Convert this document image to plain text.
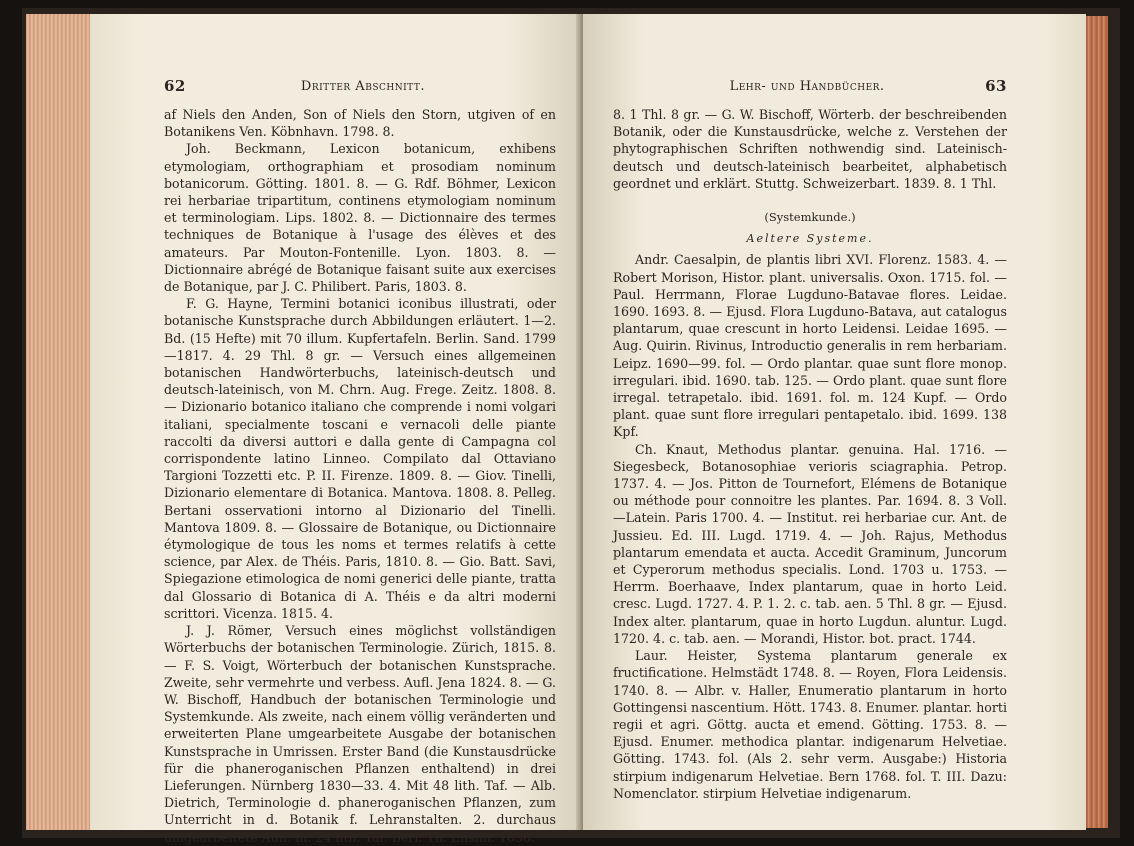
62	Dritter Abschnitt.

af Niels den Anden, Son of Niels den Storn, utgiven of en Botanikens Ven. Köbnhavn. 1798. 8.

Joh. Beckmann, Lexicon botanicum, exhibens etymologiam, orthographiam et prosodiam nominum botanicorum. Götting. 1801. 8. — G. Rdf. Böhmer, Lexicon rei herbariae tripartitum, continens etymologiam nominum et terminologiam. Lips. 1802. 8. — Dictionnaire des termes techniques de Botanique à l'usage des élèves et des amateurs. Par Mouton-Fontenille. Lyon. 1803. 8. — Dictionnaire abrégé de Botanique faisant suite aux exercises de Botanique, par J. C. Philibert. Paris, 1803. 8.

F. G. Hayne, Termini botanici iconibus illustrati, oder botanische Kunstsprache durch Abbildungen erläutert. 1—2. Bd. (15 Hefte) mit 70 illum. Kupfertafeln. Berlin. Sand. 1799—1817. 4. 29 Thl. 8 gr. — Versuch eines allgemeinen botanischen Handwörterbuchs, lateinisch-deutsch und deutsch-lateinisch, von M. Chrn. Aug. Frege. Zeitz. 1808. 8. — Dizionario botanico italiano che comprende i nomi volgari italiani, specialmente toscani e vernacoli delle piante raccolti da diversi auttori e dalla gente di Campagna col corrispondente latino Linneo. Compilato dal Ottaviano Targioni Tozzetti etc. P. II. Firenze. 1809. 8. — Giov. Tinelli, Dizionario elementare di Botanica. Mantova. 1808. 8. Pelleg. Bertani osservationi intorno al Dizionario del Tinelli. Mantova 1809. 8. — Glossaire de Botanique, ou Dictionnaire étymologique de tous les noms et termes relatifs à cette science, par Alex. de Théis. Paris, 1810. 8. — Gio. Batt. Savi, Spiegazione etimologica de nomi generici delle piante, tratta dal Glossario di Botanica di A. Théis e da altri moderni scrittori. Vicenza. 1815. 4.

J. J. Römer, Versuch eines möglichst vollständigen Wörterbuchs der botanischen Terminologie. Zürich, 1815. 8. — F. S. Voigt, Wörterbuch der botanischen Kunstsprache. Zweite, sehr vermehrte und verbess. Aufl. Jena 1824. 8. — G. W. Bischoff, Handbuch der botanischen Terminologie und Systemkunde. Als zweite, nach einem völlig veränderten und erweiterten Plane umgearbeitete Ausgabe der botanischen Kunstsprache in Umrissen. Erster Band (die Kunstausdrücke für die phaneroganischen Pflanzen enthaltend) in drei Lieferungen. Nürnberg 1830—33. 4. Mit 48 lith. Taf. — Alb. Dietrich, Terminologie d. phaneroganischen Pflanzen, zum Unterricht in d. Botanik f. Lehranstalten. 2. durchaus umgearbeitete Aufl. m. 24 lith. Taf. Berl. Th. Enslin. 1838.

Lehr- und Handbücher.	63

8. 1 Thl. 8 gr. — G. W. Bischoff, Wörterb. der beschreibenden Botanik, oder die Kunstausdrücke, welche z. Verstehen der phytographischen Schriften nothwendig sind. Lateinisch-deutsch und deutsch-lateinisch bearbeitet, alphabetisch geordnet und erklärt. Stuttg. Schweizerbart. 1839. 8. 1 Thl.

(Systemkunde.)

Aeltere Systeme.

Andr. Caesalpin, de plantis libri XVI. Florenz. 1583. 4. — Robert Morison, Histor. plant. universalis. Oxon. 1715. fol. — Paul. Herrmann, Florae Lugduno-Batavae flores. Leidae. 1690. 1693. 8. — Ejusd. Flora Lugduno-Batava, aut catalogus plantarum, quae crescunt in horto Leidensi. Leidae 1695. — Aug. Quirin. Rivinus, Introductio generalis in rem herbariam. Leipz. 1690—99. fol. — Ordo plantar. quae sunt flore monop. irregulari. ibid. 1690. tab. 125. — Ordo plant. quae sunt flore irregal. tetrapetalo. ibid. 1691. fol. m. 124 Kupf. — Ordo plant. quae sunt flore irregulari pentapetalo. ibid. 1699. 138 Kpf.

Ch. Knaut, Methodus plantar. genuina. Hal. 1716. — Siegesbeck, Botanosophiae verioris sciagraphia. Petrop. 1737. 4. — Jos. Pitton de Tournefort, Elémens de Botanique ou méthode pour connoitre les plantes. Par. 1694. 8. 3 Voll. —Latein. Paris 1700. 4. — Institut. rei herbariae cur. Ant. de Jussieu. Ed. III. Lugd. 1719. 4. — Joh. Rajus, Methodus plantarum emendata et aucta. Accedit Graminum, Juncorum et Cyperorum methodus specialis. Lond. 1703 u. 1753. — Herrm. Boerhaave, Index plantarum, quae in horto Leid. cresc. Lugd. 1727. 4. P. 1. 2. c. tab. aen. 5 Thl. 8 gr. — Ejusd. Index alter. plantarum, quae in horto Lugdun. aluntur. Lugd. 1720. 4. c. tab. aen. — Morandi, Histor. bot. pract. 1744.

Laur. Heister, Systema plantarum generale ex fructificatione. Helmstädt 1748. 8. — Royen, Flora Leidensis. 1740. 8. — Albr. v. Haller, Enumeratio plantarum in horto Gottingensi nascentium. Hött. 1743. 8. Enumer. plantar. horti regii et agri. Göttg. aucta et emend. Götting. 1753. 8. — Ejusd. Enumer. methodica plantar. indigenarum Helvetiae. Götting. 1743. fol. (Als 2. sehr verm. Ausgabe:) Historia stirpium indigenarum Helvetiae. Bern 1768. fol. T. III. Dazu: Nomenclator. stirpium Helvetiae indigenarum.
